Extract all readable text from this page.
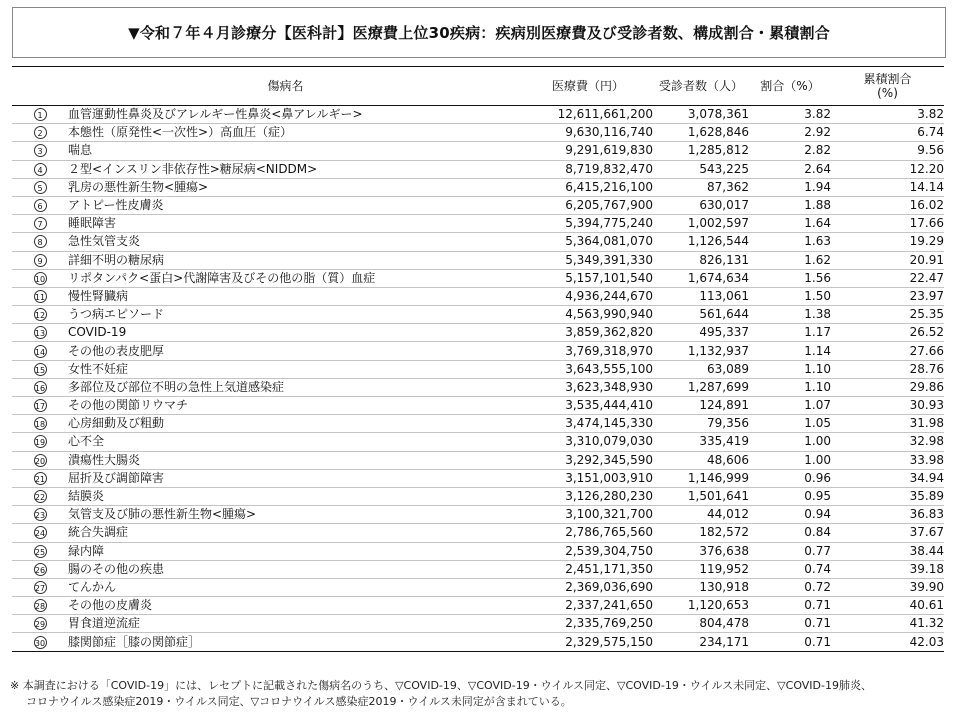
▼令和７年４月診療分【医科計】医療費上位30疾病：疾病別医療費及び受診者数、構成割合・累積割合
	傷病名	医療費（円）	受診者数（人）	割合（%）	累積割合
(%)

1	血管運動性鼻炎及びアレルギー性鼻炎<鼻アレルギー>	12,611,661,200	3,078,361	3.82	3.82
2	本態性（原発性<一次性>）高血圧（症）	9,630,116,740	1,628,846	2.92	6.74
3	喘息	9,291,619,830	1,285,812	2.82	9.56
4	２型<インスリン非依存性>糖尿病<NIDDM>	8,719,832,470	543,225	2.64	12.20
5	乳房の悪性新生物<腫瘍>	6,415,216,100	87,362	1.94	14.14
6	アトピー性皮膚炎	6,205,767,900	630,017	1.88	16.02
7	睡眠障害	5,394,775,240	1,002,597	1.64	17.66
8	急性気管支炎	5,364,081,070	1,126,544	1.63	19.29
9	詳細不明の糖尿病	5,349,391,330	826,131	1.62	20.91
10	リポタンパク<蛋白>代謝障害及びその他の脂（質）血症	5,157,101,540	1,674,634	1.56	22.47
11	慢性腎臓病	4,936,244,670	113,061	1.50	23.97
12	うつ病エピソード	4,563,990,940	561,644	1.38	25.35
13	COVID-19	3,859,362,820	495,337	1.17	26.52
14	その他の表皮肥厚	3,769,318,970	1,132,937	1.14	27.66
15	女性不妊症	3,643,555,100	63,089	1.10	28.76
16	多部位及び部位不明の急性上気道感染症	3,623,348,930	1,287,699	1.10	29.86
17	その他の関節リウマチ	3,535,444,410	124,891	1.07	30.93
18	心房細動及び粗動	3,474,145,330	79,356	1.05	31.98
19	心不全	3,310,079,030	335,419	1.00	32.98
20	潰瘍性大腸炎	3,292,345,590	48,606	1.00	33.98
21	屈折及び調節障害	3,151,003,910	1,146,999	0.96	34.94
22	結膜炎	3,126,280,230	1,501,641	0.95	35.89
23	気管支及び肺の悪性新生物<腫瘍>	3,100,321,700	44,012	0.94	36.83
24	統合失調症	2,786,765,560	182,572	0.84	37.67
25	緑内障	2,539,304,750	376,638	0.77	38.44
26	腸のその他の疾患	2,451,171,350	119,952	0.74	39.18
27	てんかん	2,369,036,690	130,918	0.72	39.90
28	その他の皮膚炎	2,337,241,650	1,120,653	0.71	40.61
29	胃食道逆流症	2,335,769,250	804,478	0.71	41.32
30	膝関節症［膝の関節症］	2,329,575,150	234,171	0.71	42.03
※ 本調査における「COVID-19」には、レセプトに記載された傷病名のうち、▽COVID-19、▽COVID-19・ウイルス同定、▽COVID-19・ウイルス未同定、▽COVID-19肺炎、
コロナウイルス感染症2019・ウイルス同定、▽コロナウイルス感染症2019・ウイルス未同定が含まれている。
